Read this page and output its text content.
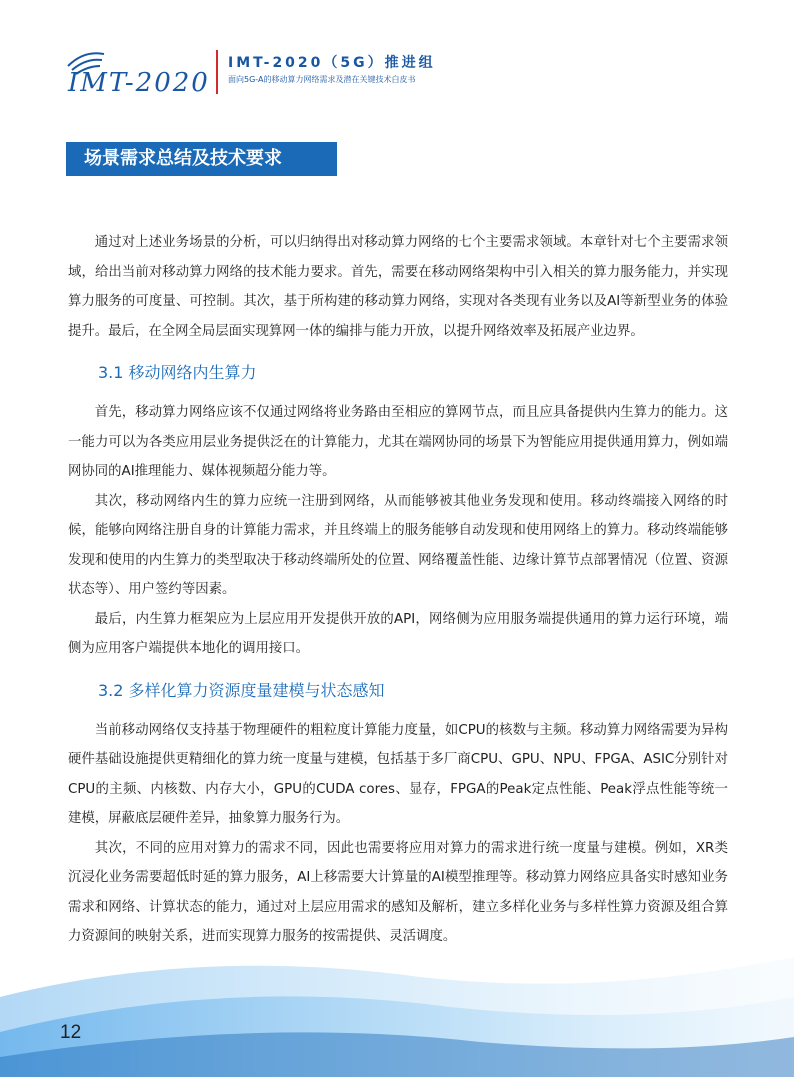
IMT-2020
IMT-2020（5G）推进组
面向5G-A的移动算力网络需求及潜在关键技术白皮书
场景需求总结及技术要求

通过对上述业务场景的分析，可以归纳得出对移动算力网络的七个主要需求领域。本章针对七个主要需求领域，给出当前对移动算力网络的技术能力要求。首先，需要在移动网络架构中引入相关的算力服务能力，并实现算力服务的可度量、可控制。其次，基于所构建的移动算力网络，实现对各类现有业务以及AI等新型业务的体验提升。最后，在全网全局层面实现算网一体的编排与能力开放，以提升网络效率及拓展产业边界。

3.1 移动网络内生算力

首先，移动算力网络应该不仅通过网络将业务路由至相应的算网节点，而且应具备提供内生算力的能力。这一能力可以为各类应用层业务提供泛在的计算能力，尤其在端网协同的场景下为智能应用提供通用算力，例如端网协同的AI推理能力、媒体视频超分能力等。

其次，移动网络内生的算力应统一注册到网络，从而能够被其他业务发现和使用。移动终端接入网络的时候，能够向网络注册自身的计算能力需求，并且终端上的服务能够自动发现和使用网络上的算力。移动终端能够发现和使用的内生算力的类型取决于移动终端所处的位置、网络覆盖性能、边缘计算节点部署情况（位置、资源状态等）、用户签约等因素。

最后，内生算力框架应为上层应用开发提供开放的API，网络侧为应用服务端提供通用的算力运行环境，端侧为应用客户端提供本地化的调用接口。

3.2 多样化算力资源度量建模与状态感知

当前移动网络仅支持基于物理硬件的粗粒度计算能力度量，如CPU的核数与主频。移动算力网络需要为异构硬件基础设施提供更精细化的算力统一度量与建模，包括基于多厂商CPU、GPU、NPU、FPGA、ASIC分别针对CPU的主频、内核数、内存大小，GPU的CUDA cores、显存，FPGA的Peak定点性能、Peak浮点性能等统一建模，屏蔽底层硬件差异，抽象算力服务行为。

其次，不同的应用对算力的需求不同，因此也需要将应用对算力的需求进行统一度量与建模。例如，XR类沉浸化业务需要超低时延的算力服务，AI上移需要大计算量的AI模型推理等。移动算力网络应具备实时感知业务需求和网络、计算状态的能力，通过对上层应用需求的感知及解析，建立多样化业务与多样性算力资源及组合算力资源间的映射关系，进而实现算力服务的按需提供、灵活调度。

12
